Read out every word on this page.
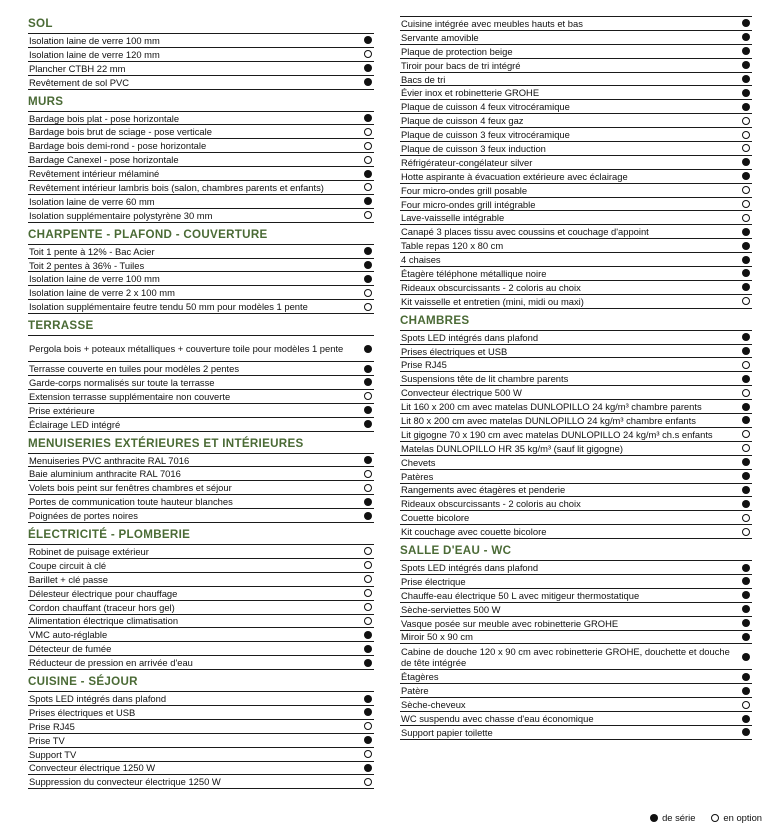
SOL
Isolation laine de verre 100 mm
Isolation laine de verre 120 mm
Plancher CTBH 22 mm
Revêtement de sol PVC
MURS
Bardage bois plat - pose horizontale
Bardage bois brut de sciage - pose verticale
Bardage bois demi-rond - pose horizontale
Bardage Canexel - pose horizontale
Revêtement intérieur mélaminé
Revêtement intérieur lambris bois (salon, chambres parents et enfants)
Isolation laine de verre 60 mm
Isolation supplémentaire polystyrène 30 mm
CHARPENTE - PLAFOND - COUVERTURE
Toit 1 pente à 12% - Bac Acier
Toit 2 pentes à 36% - Tuiles
Isolation laine de verre 100 mm
Isolation laine de verre 2 x 100 mm
Isolation supplémentaire feutre tendu 50 mm pour modèles 1 pente
TERRASSE
Pergola bois + poteaux métalliques + couverture toile pour modèles 1 pente
Terrasse couverte en tuiles pour modèles 2 pentes
Garde-corps normalisés sur toute la terrasse
Extension terrasse supplémentaire non couverte
Prise extérieure
Éclairage LED intégré
MENUISERIES EXTÉRIEURES ET INTÉRIEURES
Menuiseries PVC anthracite RAL 7016
Baie aluminium anthracite RAL 7016
Volets bois peint sur fenêtres chambres et séjour
Portes de communication toute hauteur blanches
Poignées de portes noires
ÉLECTRICITÉ - PLOMBERIE
Robinet de puisage extérieur
Coupe circuit à clé
Barillet + clé passe
Délesteur électrique pour chauffage
Cordon chauffant (traceur hors gel)
Alimentation électrique climatisation
VMC auto-réglable
Détecteur de fumée
Réducteur de pression en arrivée d'eau
CUISINE - SÉJOUR
Spots LED intégrés dans plafond
Prises électriques et USB
Prise RJ45
Prise TV
Support TV
Convecteur électrique 1250 W
Suppression du convecteur électrique 1250 W
Cuisine intégrée avec meubles hauts et bas
Servante amovible
Plaque de protection beige
Tiroir pour bacs de tri intégré
Bacs de tri
Évier inox et robinetterie GROHE
Plaque de cuisson 4 feux vitrocéramique
Plaque de cuisson 4 feux gaz
Plaque de cuisson 3 feux vitrocéramique
Plaque de cuisson 3 feux induction
Réfrigérateur-congélateur silver
Hotte aspirante à évacuation extérieure avec éclairage
Four micro-ondes grill posable
Four micro-ondes grill intégrable
Lave-vaisselle intégrable
Canapé 3 places tissu avec coussins et couchage d'appoint
Table repas 120 x 80 cm
4 chaises
Étagère téléphone métallique noire
Rideaux obscurcissants - 2 coloris au choix
Kit vaisselle et entretien (mini, midi ou maxi)
CHAMBRES
Spots LED intégrés dans plafond
Prises électriques et USB
Prise RJ45
Suspensions tête de lit chambre parents
Convecteur électrique 500 W
Lit 160 x 200 cm avec matelas DUNLOPILLO 24 kg/m³ chambre parents
Lit 80 x 200 cm avec matelas DUNLOPILLO 24 kg/m³ chambre enfants
Lit gigogne 70 x 190 cm avec matelas DUNLOPILLO 24 kg/m³ ch.s enfants
Matelas DUNLOPILLO HR 35 kg/m³ (sauf lit gigogne)
Chevets
Patères
Rangements avec étagères et penderie
Rideaux obscurcissants - 2 coloris au choix
Couette bicolore
Kit couchage avec couette bicolore
SALLE D'EAU - WC
Spots LED intégrés dans plafond
Prise électrique
Chauffe-eau électrique 50 L avec mitigeur thermostatique
Sèche-serviettes 500 W
Vasque posée sur meuble avec robinetterie GROHE
Miroir 50 x 90 cm
Cabine de douche 120 x 90 cm avec robinetterie GROHE, douchette et douche de tête intégrée
Étagères
Patère
Sèche-cheveux
WC suspendu avec chasse d'eau économique
Support papier toilette
de série	en option
